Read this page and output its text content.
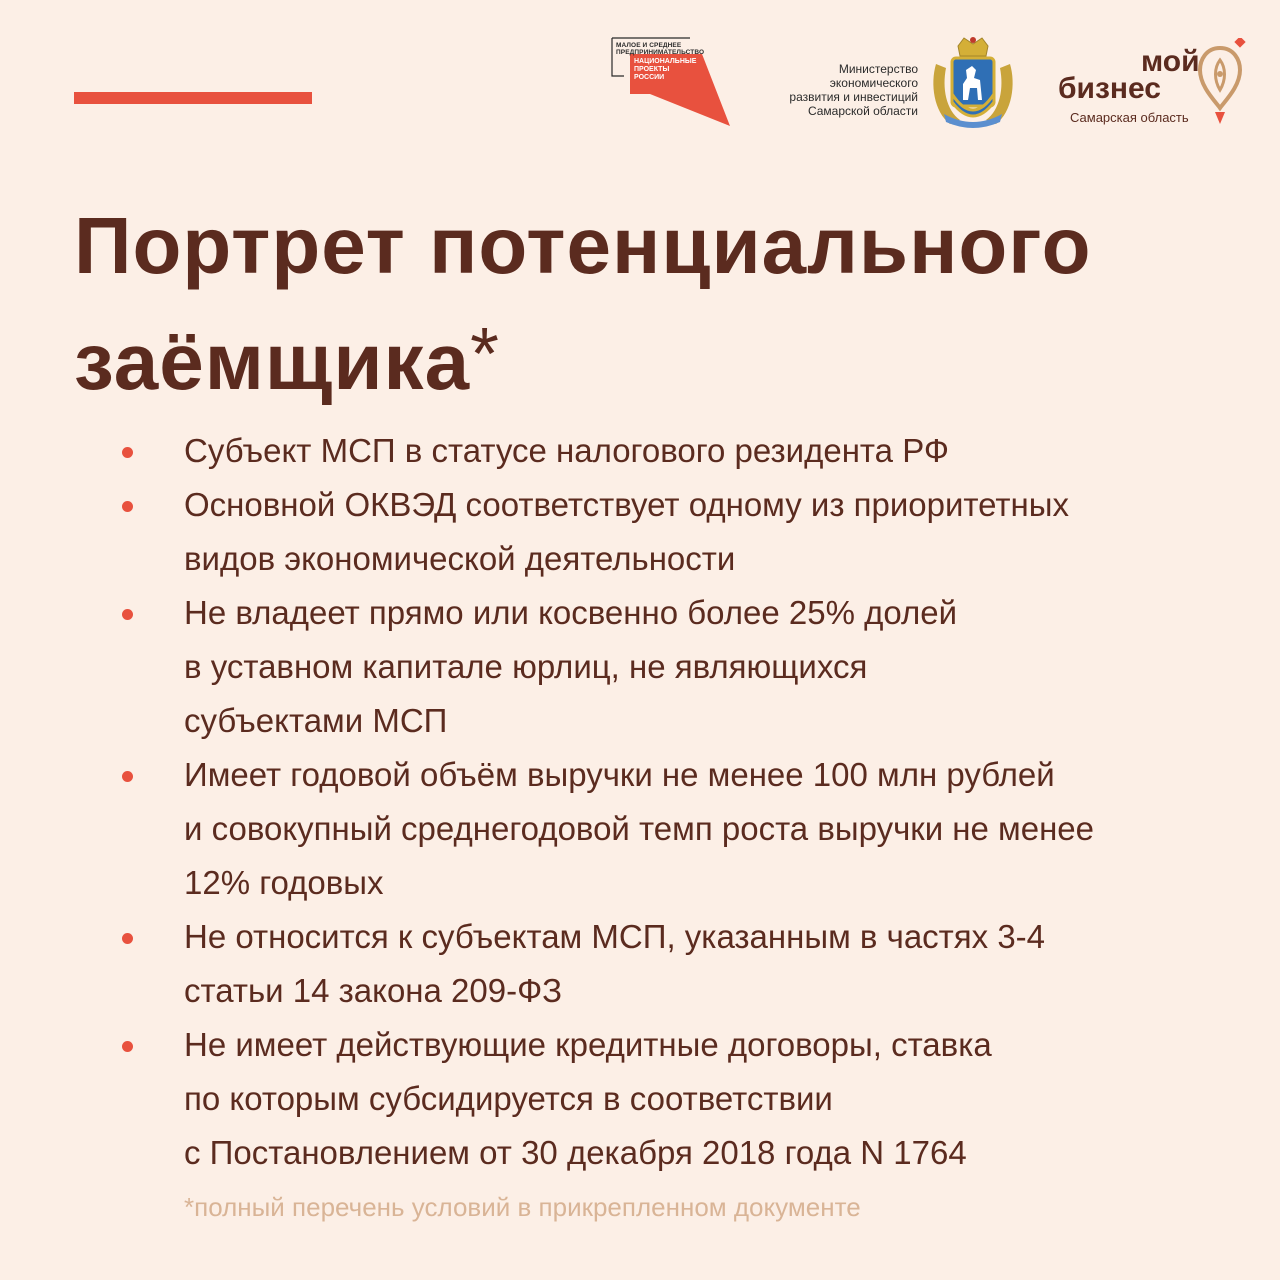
МАЛОЕ И СРЕДНЕЕ
ПРЕДПРИНИМАТЕЛЬСТВО
НАЦИОНАЛЬНЫЕ
ПРОЕКТЫ
РОССИИ
Министерство
экономического
развития и инвестиций
Самарской области
мой
бизнес
Самарская область
Портрет потенциального
заёмщика*
Субъект МСП в статусе налогового резидента РФ
Основной ОКВЭД соответствует одному из приоритетных
видов экономической деятельности
Не владеет прямо или косвенно более 25% долей
в уставном капитале юрлиц, не являющихся
субъектами МСП
Имеет годовой объём выручки не менее 100 млн рублей
и совокупный среднегодовой темп роста выручки не менее
12% годовых
Не относится к субъектам МСП, указанным в частях 3-4
статьи 14 закона 209-ФЗ
Не имеет действующие кредитные договоры, ставка
по которым субсидируется в соответствии
с Постановлением от 30 декабря 2018 года N 1764
*полный перечень условий в прикрепленном документе
